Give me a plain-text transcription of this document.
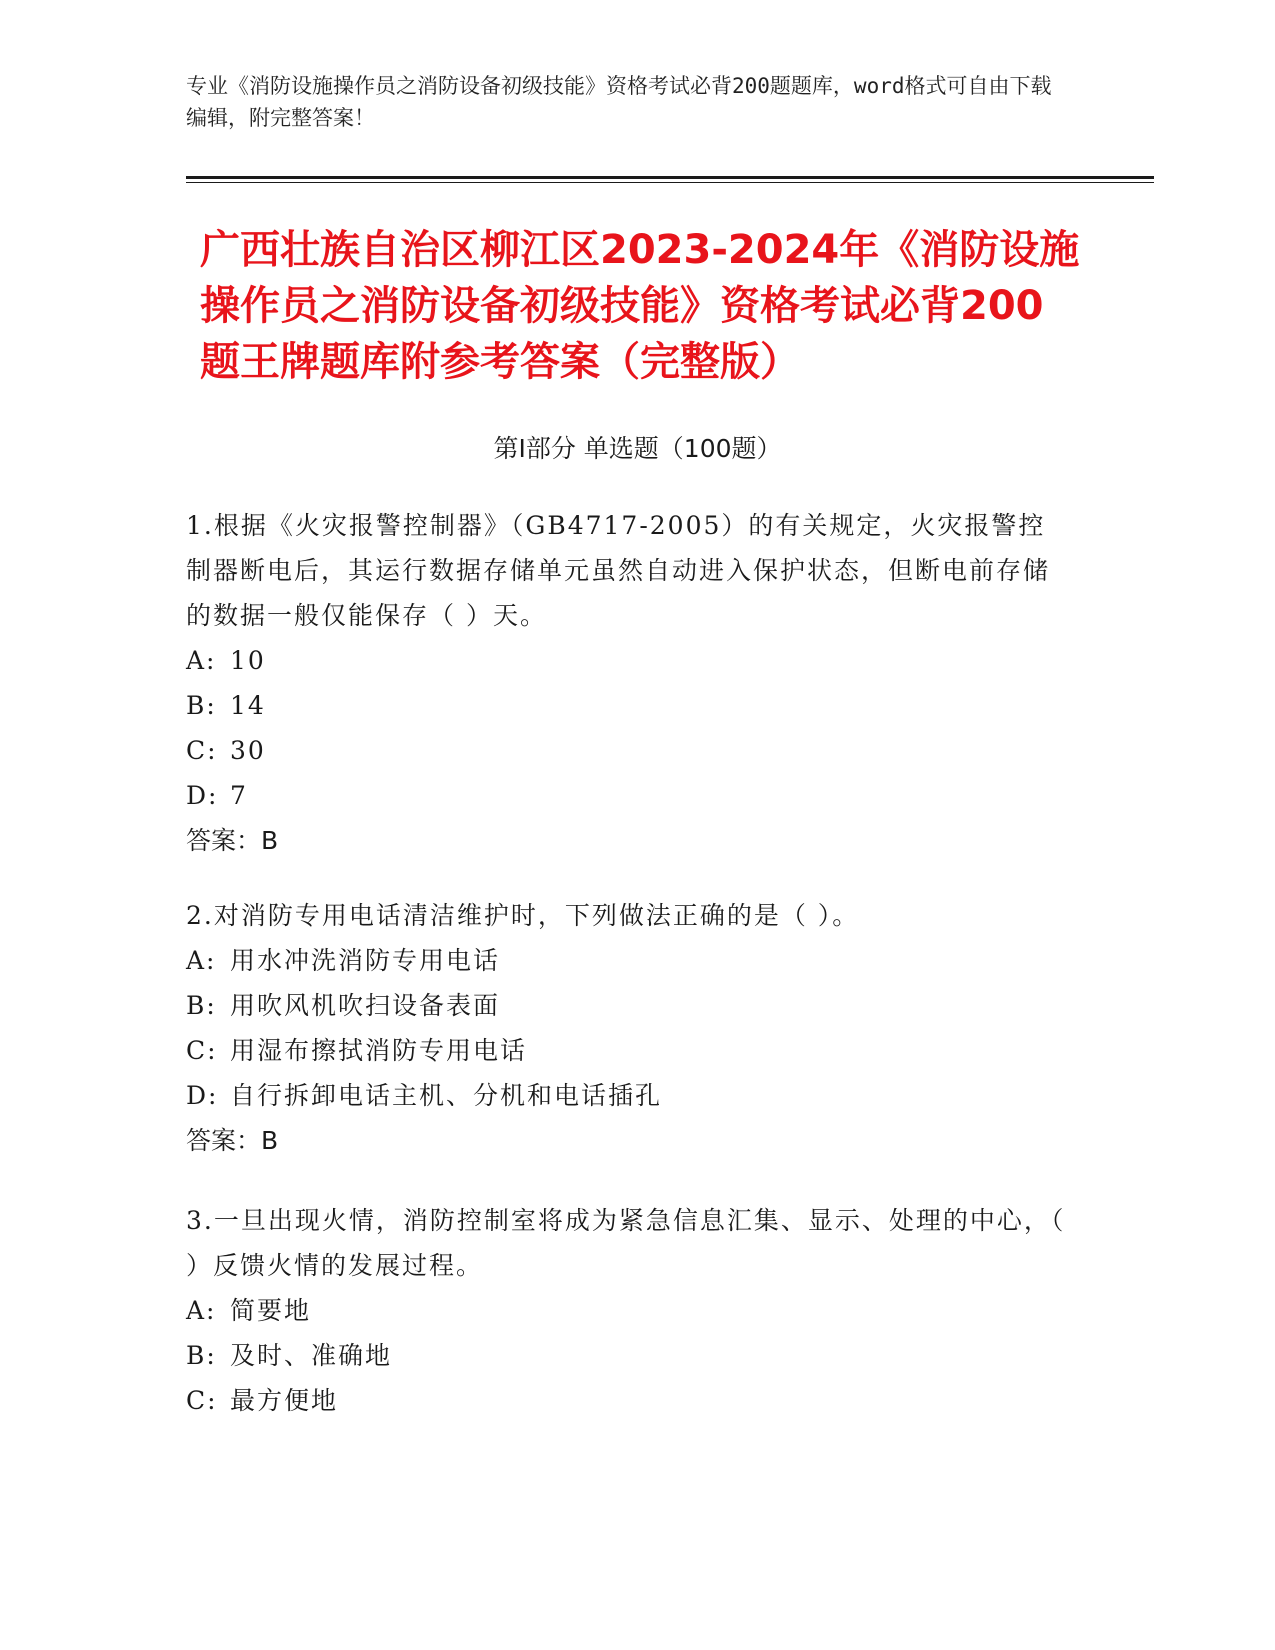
专业《消防设施操作员之消防设备初级技能》资格考试必背200题题库，word格式可自由下载编辑，附完整答案！
广西壮族自治区柳江区2023-2024年《消防设施操作员之消防设备初级技能》资格考试必背200题王牌题库附参考答案（完整版）
第Ⅰ部分 单选题（100题）
1.根据《火灾报警控制器》（GB4717-2005）的有关规定，火灾报警控制器断电后，其运行数据存储单元虽然自动进入保护状态，但断电前存储的数据一般仅能保存（ ）天。
A: 10
B: 14
C: 30
D: 7
答案：B
2.对消防专用电话清洁维护时，下列做法正确的是（ ）。
A: 用水冲洗消防专用电话
B: 用吹风机吹扫设备表面
C: 用湿布擦拭消防专用电话
D: 自行拆卸电话主机、分机和电话插孔
答案：B
3.一旦出现火情，消防控制室将成为紧急信息汇集、显示、处理的中心，（ ）反馈火情的发展过程。
A: 简要地
B: 及时、准确地
C: 最方便地
